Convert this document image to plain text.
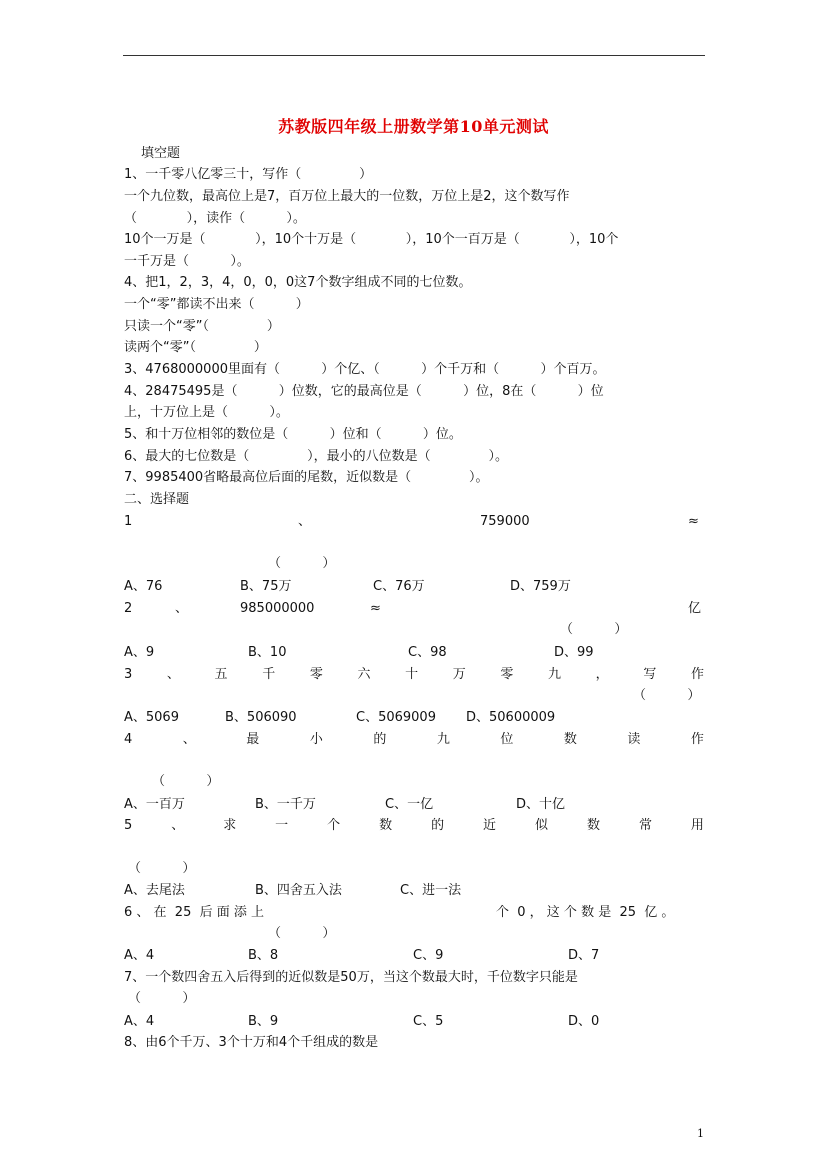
苏教版四年级上册数学第10单元测试
填空题
1、一千零八亿零三十，写作（              ）
一个九位数，最高位上是7，百万位上最大的一位数，万位上是2，这个数写作
（            ），读作（          ）。
10个一万是（            ），10个十万是（            ），10个一百万是（            ），10个
一千万是（          ）。
4、把1，2，3，4，0，0，0这7个数字组成不同的七位数。
一个“零”都读不出来（          ）
只读一个“零”（              ）
读两个“零”（              ）
3、4768000000里面有（          ）个亿、（          ）个千万和（          ）个百万。
4、28475495是（          ）位数，它的最高位是（          ）位，8在（          ）位
上，十万位上是（          ）。
5、和十万位相邻的数位是（          ）位和（          ）位。
6、最大的七位数是（              ），最小的八位数是（              ）。
7、9985400省略最高位后面的尾数，近似数是（              ）。
二、选择题
1	、	759000	≈
（          ）
A、76	B、75万	C、76万	D、759万
2	、	985000000	≈	亿
（          ）
A、9	B、10	C、98	D、99
3	、	五	千	零	六	十	万	零	九	，	写	作
（          ）
A、5069	B、506090	C、5069009 D、50600009
4	、	最	小	的	九	位	数	读	作
（          ）
A、一百万	B、一千万	C、一亿	D、十亿
5	、	求	一	个	数	的	近	似	数	常	用
（          ）
A、去尾法	B、四舍五入法	C、进一法
6 、 在  25  后 面 添 上	个  0 ， 这 个 数 是  25  亿 。
（          ）
A、4	B、8	C、9	D、7
7、一个数四舍五入后得到的近似数是50万，当这个数最大时，千位数字只能是
（          ）
A、4	B、9	C、5	D、0
8、由6个千万、3个十万和4个千组成的数是
1
